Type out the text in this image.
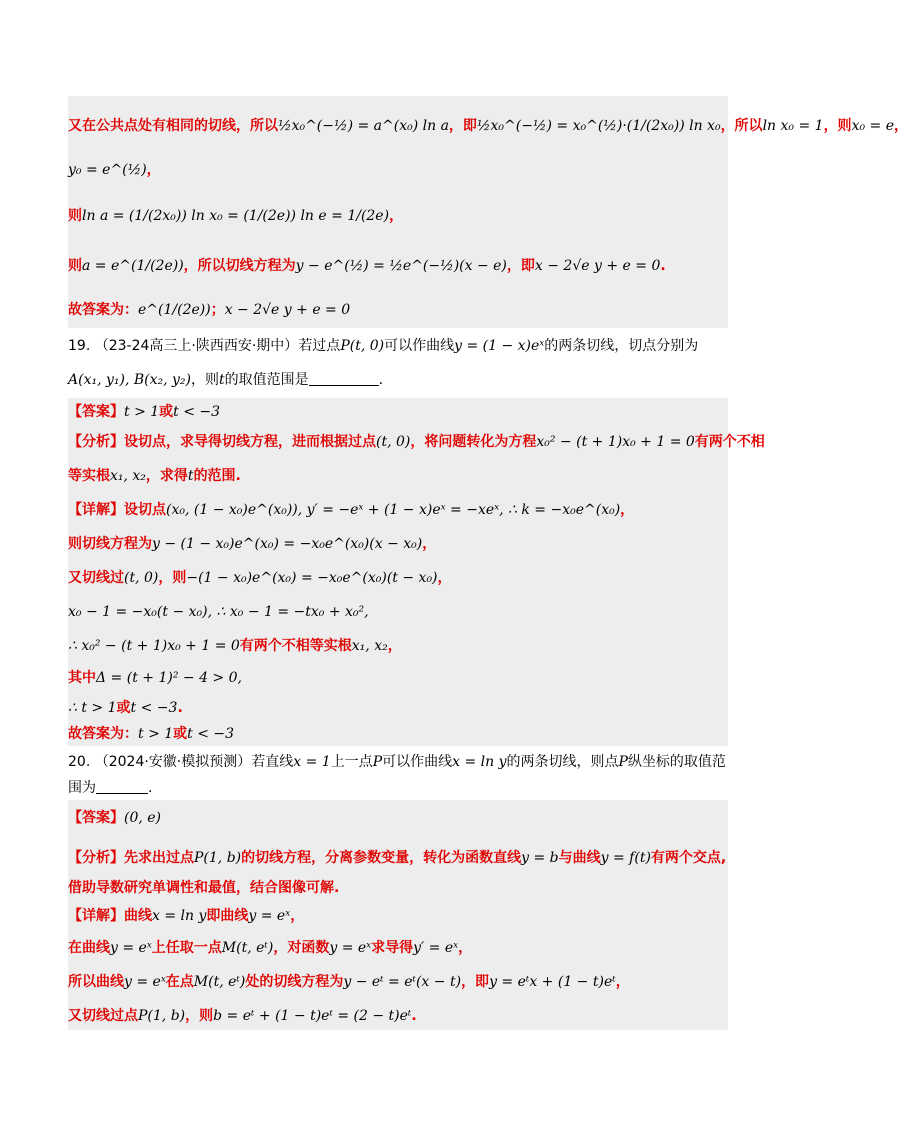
又在公共点处有相同的切线，所以½x₀^(−½) = a^(x₀) ln a，即½x₀^(−½) = x₀^(½)·(1/(2x₀)) ln x₀，所以ln x₀ = 1，则x₀ = e，
y₀ = e^(½)，
则ln a = (1/(2x₀)) ln x₀ = (1/(2e)) ln e = 1/(2e)，
则a = e^(1/(2e))，所以切线方程为y − e^(½) = ½e^(−½)(x − e)，即x − 2√e y + e = 0.
故答案为：e^(1/(2e))；x − 2√e y + e = 0
19. （23-24高三上·陕西西安·期中）若过点P(t, 0)可以作曲线y = (1 − x)eˣ的两条切线，切点分别为
A(x₁, y₁), B(x₂, y₂)，则t的取值范围是	.
【答案】t > 1或t < −3
【分析】设切点，求导得切线方程，进而根据过点(t, 0)，将问题转化为方程x₀² − (t + 1)x₀ + 1 = 0有两个不相
等实根x₁, x₂，求得t的范围.
【详解】设切点(x₀, (1 − x₀)e^(x₀)), y′ = −eˣ + (1 − x)eˣ = −xeˣ, ∴ k = −x₀e^(x₀)，
则切线方程为y − (1 − x₀)e^(x₀) = −x₀e^(x₀)(x − x₀)，
又切线过(t, 0)，则−(1 − x₀)e^(x₀) = −x₀e^(x₀)(t − x₀)，
x₀ − 1 = −x₀(t − x₀), ∴ x₀ − 1 = −tx₀ + x₀²,
∴ x₀² − (t + 1)x₀ + 1 = 0有两个不相等实根x₁, x₂，
其中Δ = (t + 1)² − 4 > 0,
∴ t > 1或t < −3.
故答案为：t > 1或t < −3
20. （2024·安徽·模拟预测）若直线x = 1上一点P可以作曲线x = ln y的两条切线，则点P纵坐标的取值范
围为	.
【答案】(0, e)
【分析】先求出过点P(1, b)的切线方程，分离参数变量，转化为函数直线y = b与曲线y = f(t)有两个交点,
借助导数研究单调性和最值，结合图像可解.
【详解】曲线x = ln y即曲线y = eˣ，
在曲线y = eˣ上任取一点M(t, eᵗ)，对函数y = eˣ求导得y′ = eˣ，
所以曲线y = eˣ在点M(t, eᵗ)处的切线方程为y − eᵗ = eᵗ(x − t)，即y = eᵗx + (1 − t)eᵗ，
又切线过点P(1, b)，则b = eᵗ + (1 − t)eᵗ = (2 − t)eᵗ.
